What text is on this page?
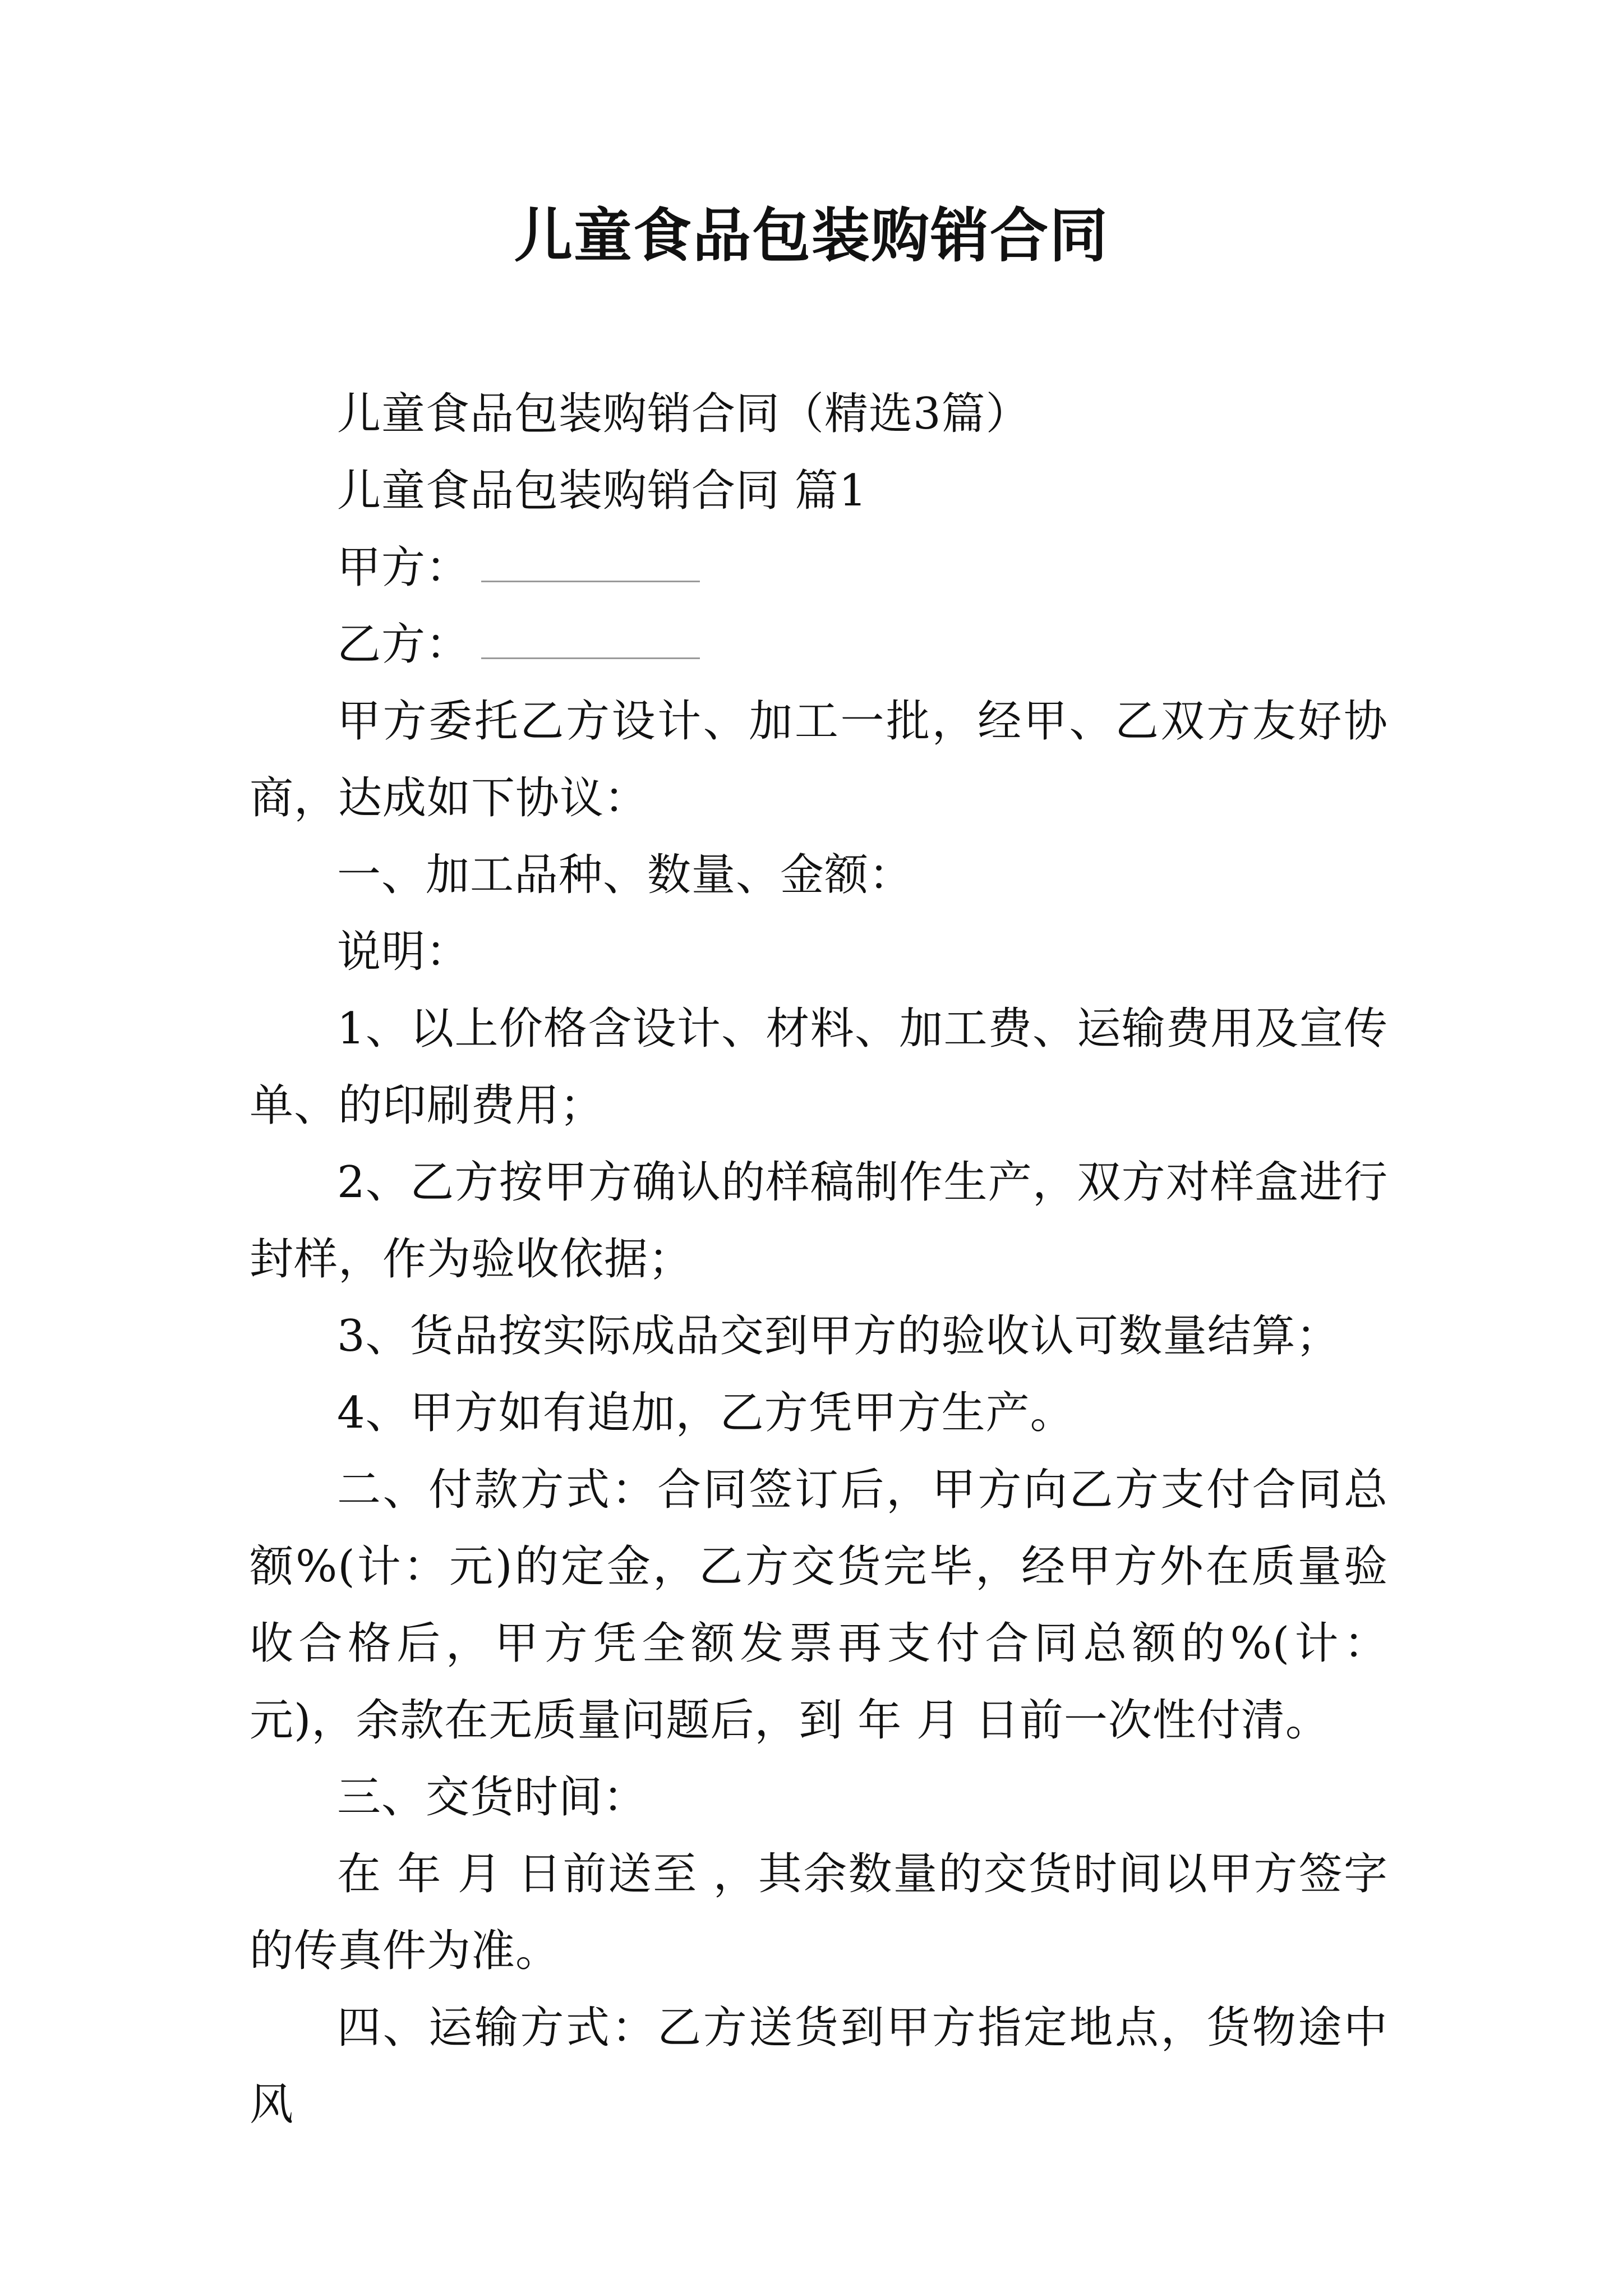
儿童食品包装购销合同

儿童食品包装购销合同（精选3篇）

儿童食品包装购销合同 篇1

甲方：

乙方：

甲方委托乙方设计、加工一批，经甲、乙双方友好协商，达成如下协议：

一、加工品种、数量、金额：

说明：

1、以上价格含设计、材料、加工费、运输费用及宣传单、的印刷费用；

2、乙方按甲方确认的样稿制作生产，双方对样盒进行封样，作为验收依据；

3、货品按实际成品交到甲方的验收认可数量结算；

4、甲方如有追加，乙方凭甲方生产。

二、付款方式：合同签订后，甲方向乙方支付合同总额%(计：元)的定金，乙方交货完毕，经甲方外在质量验收合格后，甲方凭全额发票再支付合同总额的%(计：元)，余款在无质量问题后，到 年 月 日前一次性付清。

三、交货时间：

在 年 月 日前送至 ，其余数量的交货时间以甲方签字的传真件为准。

四、运输方式：乙方送货到甲方指定地点，货物途中风
